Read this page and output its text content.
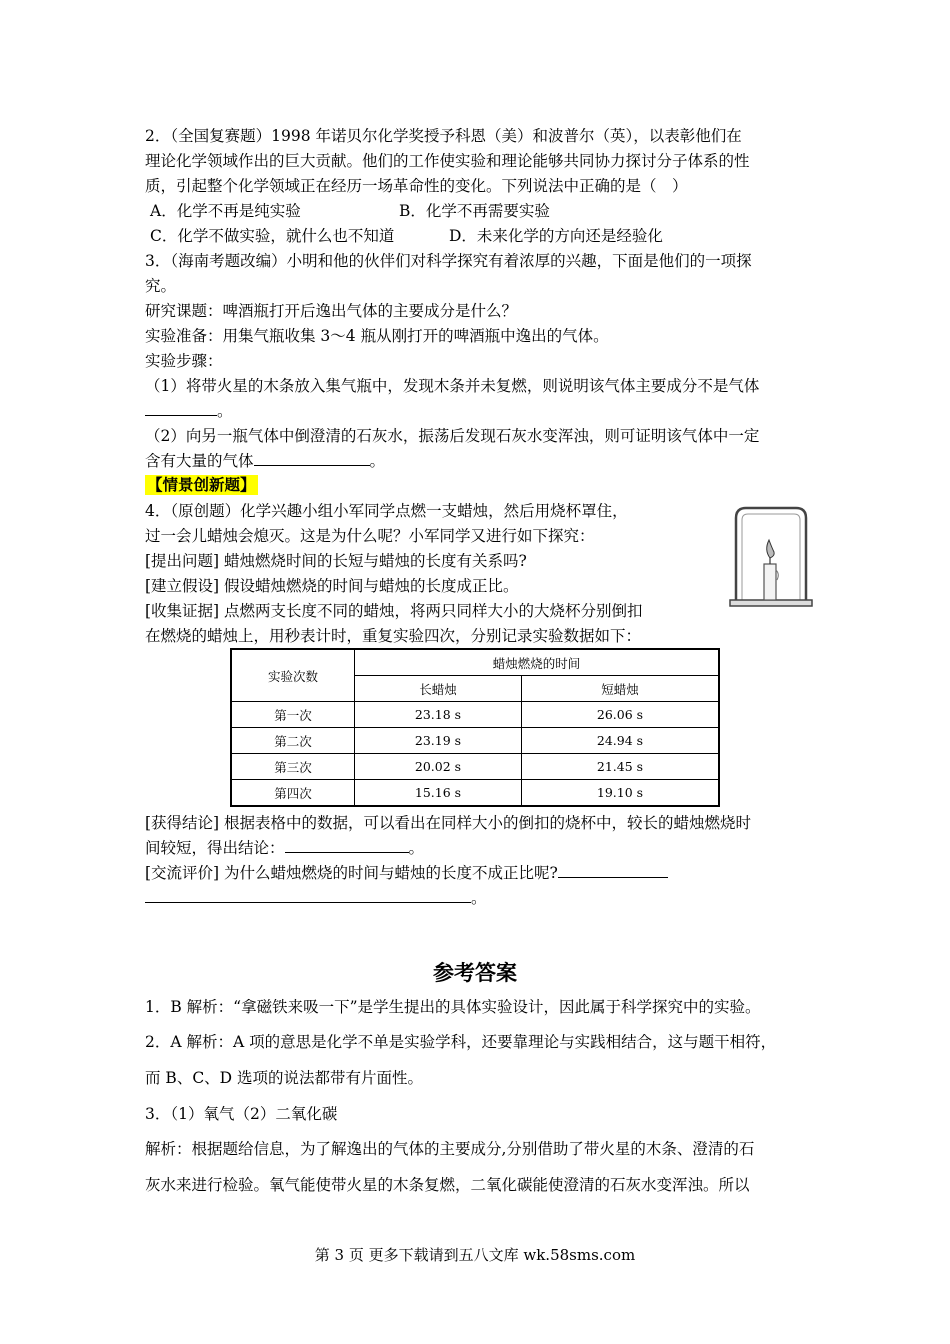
2．（全国复赛题）1998 年诺贝尔化学奖授予科恩（美）和波普尔（英），以表彰他们在
理论化学领域作出的巨大贡献。他们的工作使实验和理论能够共同协力探讨分子体系的性
质，引起整个化学领域正在经历一场革命性的变化。下列说法中正确的是（　）
A．化学不再是纯实验	B．化学不再需要实验
C．化学不做实验，就什么也不知道	D．未来化学的方向还是经验化
3．（海南考题改编）小明和他的伙伴们对科学探究有着浓厚的兴趣，下面是他们的一项探
究。
研究课题：啤酒瓶打开后逸出气体的主要成分是什么？
实验准备：用集气瓶收集 3～4 瓶从刚打开的啤酒瓶中逸出的气体。
实验步骤：
（1）将带火星的木条放入集气瓶中，发现木条并未复燃，则说明该气体主要成分不是气体
。
（2）向另一瓶气体中倒澄清的石灰水，振荡后发现石灰水变浑浊，则可证明该气体中一定
含有大量的气体	。
【情景创新题】
4．（原创题）化学兴趣小组小军同学点燃一支蜡烛，然后用烧杯罩住，
过一会儿蜡烛会熄灭。这是为什么呢？小军同学又进行如下探究：
[提出问题] 蜡烛燃烧时间的长短与蜡烛的长度有关系吗?
[建立假设] 假设蜡烛燃烧的时间与蜡烛的长度成正比。
[收集证据] 点燃两支长度不同的蜡烛，将两只同样大小的大烧杯分别倒扣
在燃烧的蜡烛上，用秒表计时，重复实验四次，分别记录实验数据如下：
实验次数	蜡烛燃烧的时间	
	长蜡烛	短蜡烛
第一次	23.18 s	26.06 s
第二次	23.19 s	24.94 s
第三次	20.02 s	21.45 s
第四次	15.16 s	19.10 s
[获得结论] 根据表格中的数据，可以看出在同样大小的倒扣的烧杯中，较长的蜡烛燃烧时
间较短，得出结论：	。
[交流评价] 为什么蜡烛燃烧的时间与蜡烛的长度不成正比呢?
。
参考答案
1．B 解析：“拿磁铁来吸一下”是学生提出的具体实验设计，因此属于科学探究中的实验。
2．A 解析：A 项的意思是化学不单是实验学科，还要靠理论与实践相结合，这与题干相符，
而 B、C、D 选项的说法都带有片面性。
3．（1）氧气（2）二氧化碳
解析：根据题给信息，为了解逸出的气体的主要成分,分别借助了带火星的木条、澄清的石
灰水来进行检验。氧气能使带火星的木条复燃，二氧化碳能使澄清的石灰水变浑浊。所以
第 3 页 更多下载请到五八文库 wk.58sms.com
